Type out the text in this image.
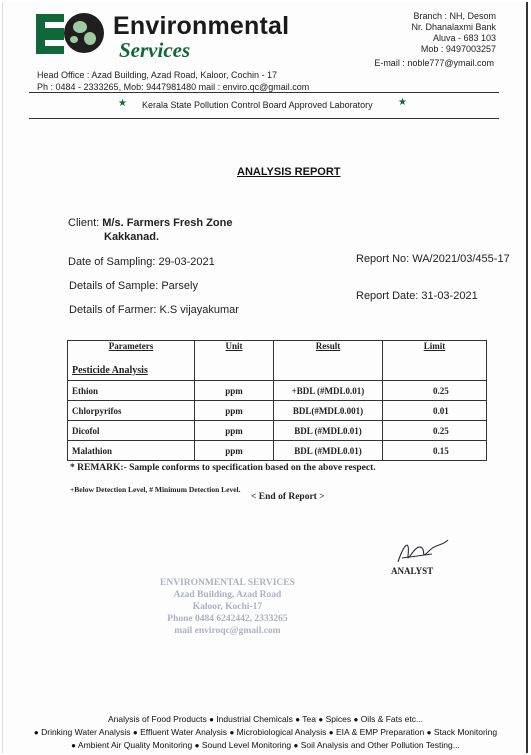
Environmental
Services
Head Office : Azad Building, Azad Road, Kaloor, Cochin - 17
Ph : 0484 - 2333265, Mob: 9447981480 mail : enviro.qc@gmail.com
Branch : NH, Desom
Nr. Dhanalaxmi Bank
Aluva - 683 103
Mob : 9497003257
E-mail : noble777@ymail.com
★ Kerala State Pollution Control Board Approved Laboratory	★
ANALYSIS REPORT
Client: M/s. Farmers Fresh Zone
Kakkanad.
Date of Sampling: 29-03-2021	Report No: WA/2021/03/455-17
Details of Sample: Parsely
Report Date: 31-03-2021
Details of Farmer: K.S vijayakumar
Parameters	Unit	Result	Limit
Pesticide Analysis			
Ethion	ppm	+BDL (#MDL0.01)	0.25
Chlorpyrifos	ppm	BDL(#MDL0.001)	0.01
Dicofol	ppm	BDL (#MDL0.01)	0.25
Malathion	ppm	BDL (#MDL0.01)	0.15
* REMARK:- Sample conforms to specification based on the above respect.
+Below Detection Level, # Minimum Detection Level.
< End of Report >
ANALYST
ENVIRONMENTAL SERVICES
Azad Building, Azad Road
Kaloor, Kochi-17
Phone 0484 6242442, 2333265
mail enviroqc@gmail.com
Analysis of Food Products ● Industrial Chemicals ● Tea ● Spices ● Oils & Fats etc...
● Drinking Water Analysis ● Effluent Water Analysis ● Microbiological Analysis ● EIA & EMP Preparation ● Stack Monitoring
● Ambient Air Quality Monitoring ● Sound Level Monitoring ● Soil Analysis and Other Pollution Testing...
